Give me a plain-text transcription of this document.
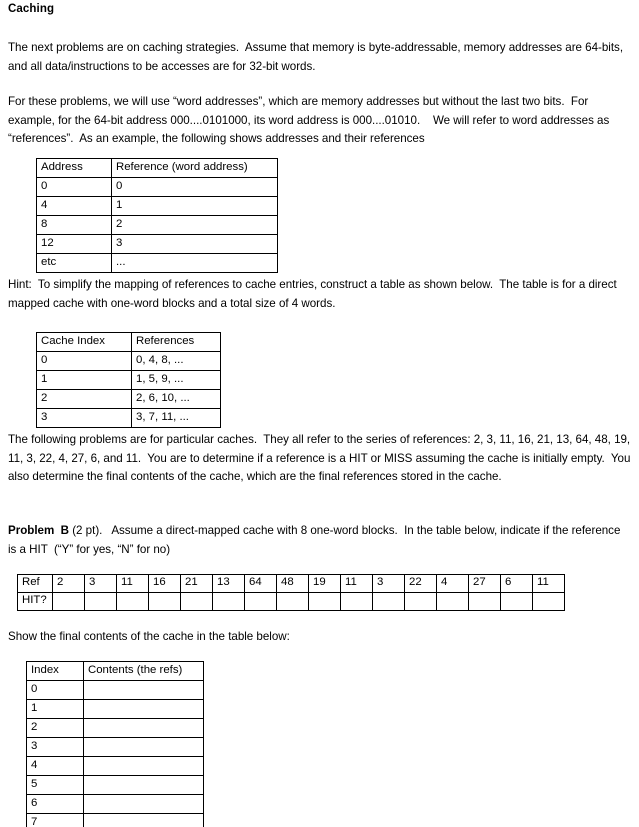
Caching
The next problems are on caching strategies.  Assume that memory is byte-addressable, memory addresses are 64-bits, and all data/instructions to be accesses are for 32-bit words.
For these problems, we will use “word addresses”, which are memory addresses but without the last two bits.  For example, for the 64-bit address 000....0101000, its word address is 000....01010.    We will refer to word addresses as “references”.  As an example, the following shows addresses and their references
Address	Reference (word address)
0	0
4	1
8	2
12	3
etc	...
Hint:  To simplify the mapping of references to cache entries, construct a table as shown below.  The table is for a direct mapped cache with one-word blocks and a total size of 4 words.
Cache Index	References
0	0, 4, 8, ...
1	1, 5, 9, ...
2	2, 6, 10, ...
3	3, 7, 11, ...
The following problems are for particular caches.  They all refer to the series of references: 2, 3, 11, 16, 21, 13, 64, 48, 19, 11, 3, 22, 4, 27, 6, and 11.  You are to determine if a reference is a HIT or MISS assuming the cache is initially empty.  You also determine the final contents of the cache, which are the final references stored in the cache.
Problem  B (2 pt).   Assume a direct-mapped cache with 8 one-word blocks.  In the table below, indicate if the reference is a HIT  (“Y” for yes, “N” for no)
Ref	2	3	11	16	21	13	64	48	19	11	3	22	4	27	6	11
HIT?																
Show the final contents of the cache in the table below:
Index	Contents (the refs)
0	
1	
2	
3	
4	
5	
6	
7	
